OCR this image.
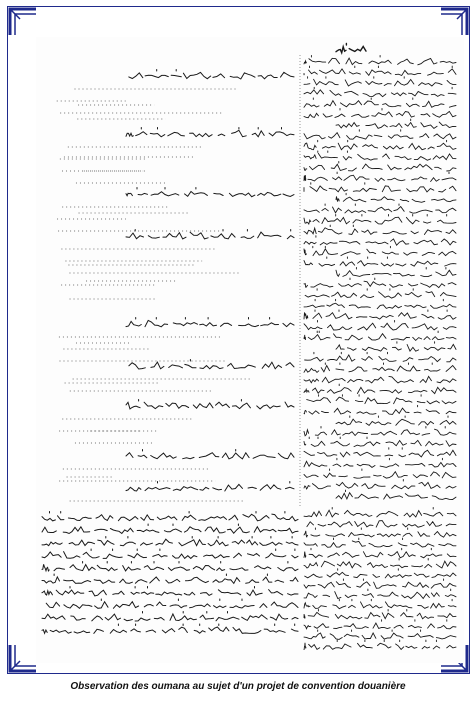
Observation des oumana au sujet d'un projet de convention douanière
